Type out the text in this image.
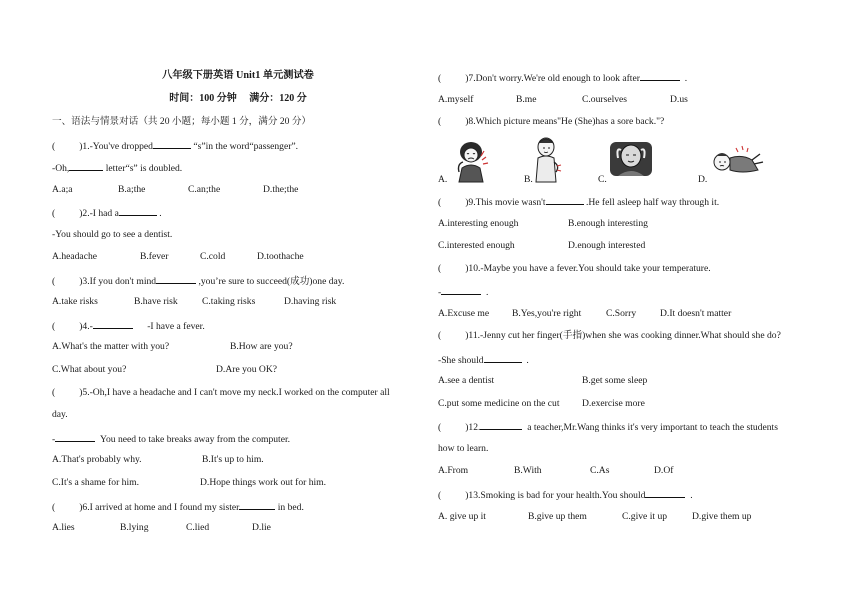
八年级下册英语 Unit1 单元测试卷
时间：100 分钟 满分：120 分
一、语法与情景对话（共 20 小题；每小题 1 分，满分 20 分）
(	)1.-You've dropped	“s”in the word“passenger”.
-Oh,	letter“s” is doubled.
A.a;a	B.a;the	C.an;the	D.the;the
(	)2.-I had a	.
-You should go to see a dentist.
A.headache	B.fever	C.cold	D.toothache
(	)3.If you don't mind	,you’re sure to succeed(成功)one day.
A.take risks	B.have risk	C.taking risks	D.having risk
(	)4.-	-I have a fever.
A.What's the matter with you?	B.How are you?
C.What about you?	D.Are you OK?
(	)5.-Oh,I have a headache and I can't move my neck.I worked on the computer all
day.
-	You need to take breaks away from the computer.
A.That's probably why.	B.It's up to him.
C.It's a shame for him.	D.Hope things work out for him.
(	)6.I arrived at home and I found my sister	in bed.
A.lies	B.lying	C.lied	D.lie
(	)7.Don't worry.We're old enough to look after	.
A.myself	B.me	C.ourselves	D.us
(	)8.Which picture means"He (She)has a sore back."?
A.	B.	C.	D.
(	)9.This movie wasn't	.He fell asleep half way through it.
A.interesting enough	B.enough interesting
C.interested enough	D.enough interested
(	)10.-Maybe you have a fever.You should take your temperature.
-	.
A.Excuse me B.Yes,you're right	C.Sorry D.It doesn't matter
(	)11.-Jenny cut her finger(手指)when she was cooking dinner.What should she do?
-She should	.
A.see a dentist	B.get some sleep
C.put some medicine on the cut D.exercise more
(	)12.	a teacher,Mr.Wang thinks it's very important to teach the students
how to learn.
A.From	B.With	C.As	D.Of
(	)13.Smoking is bad for your health.You should	.
A. give up it	B.give up them	C.give it up	D.give them up
